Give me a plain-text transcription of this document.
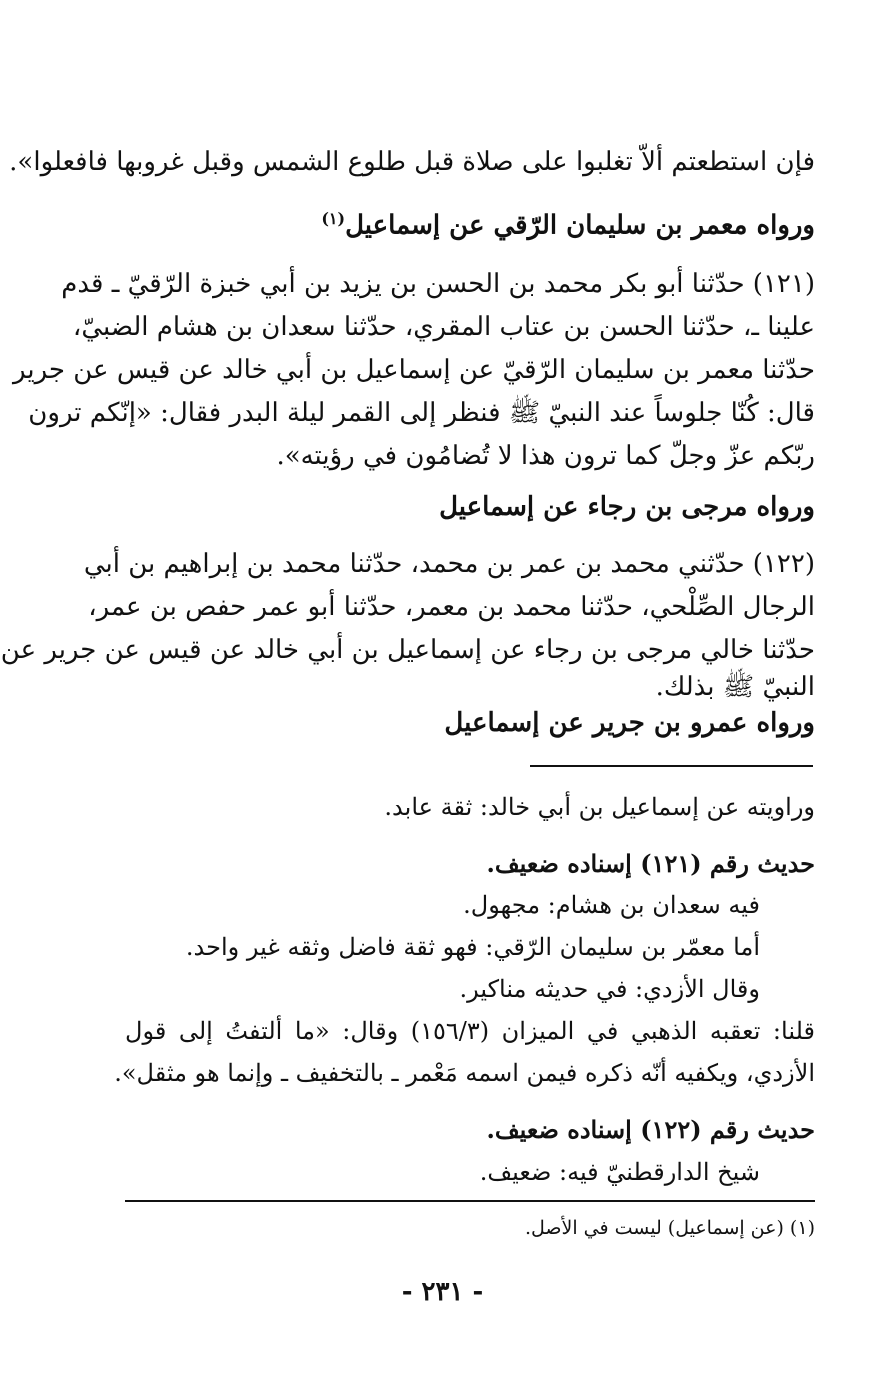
فإن استطعتم ألاّ تغلبوا على صلاة قبل طلوع الشمس وقبل غروبها فافعلوا».
ورواه معمر بن سليمان الرّقي عن إسماعيل$^{(١)}$
(١٢١) حدّثنا أبو بكر محمد بن الحسن بن يزيد بن أبي خبزة الرّقيّ ـ قدم
علينا ـ، حدّثنا الحسن بن عتاب المقري، حدّثنا سعدان بن هشام الضبيّ،
حدّثنا معمر بن سليمان الرّقيّ عن إسماعيل بن أبي خالد عن قيس عن جرير
قال: كُنّا جلوساً عند النبيّ ﷺ فنظر إلى القمر ليلة البدر فقال: «إنّكم ترون
ربّكم عزّ وجلّ كما ترون هذا لا تُضامُون في رؤيته».
ورواه مرجى بن رجاء عن إسماعيل
(١٢٢) حدّثني محمد بن عمر بن محمد، حدّثنا محمد بن إبراهيم بن أبي
الرجال الصِّلْحي، حدّثنا محمد بن معمر، حدّثنا أبو عمر حفص بن عمر،
حدّثنا خالي مرجى بن رجاء عن إسماعيل بن أبي خالد عن قيس عن جرير عن
النبيّ ﷺ بذلك.
ورواه عمرو بن جرير عن إسماعيل
وراويته عن إسماعيل بن أبي خالد: ثقة عابد.
حديث رقم (١٢١) إسناده ضعيف.
فيه سعدان بن هشام: مجهول.
أما معمّر بن سليمان الرّقي: فهو ثقة فاضل وثقه غير واحد.
وقال الأزدي: في حديثه مناكير.
قلنا: تعقبه الذهبي في الميزان (١٥٦/٣) وقال: «ما ألتفتُ إلى قول
الأزدي، ويكفيه أنّه ذكره فيمن اسمه مَعْمر ـ بالتخفيف ـ وإنما هو مثقل».
حديث رقم (١٢٢) إسناده ضعيف.
شيخ الدارقطنيّ فيه: ضعيف.
(١) (عن إسماعيل) ليست في الأصل.
- ٢٣١ -
